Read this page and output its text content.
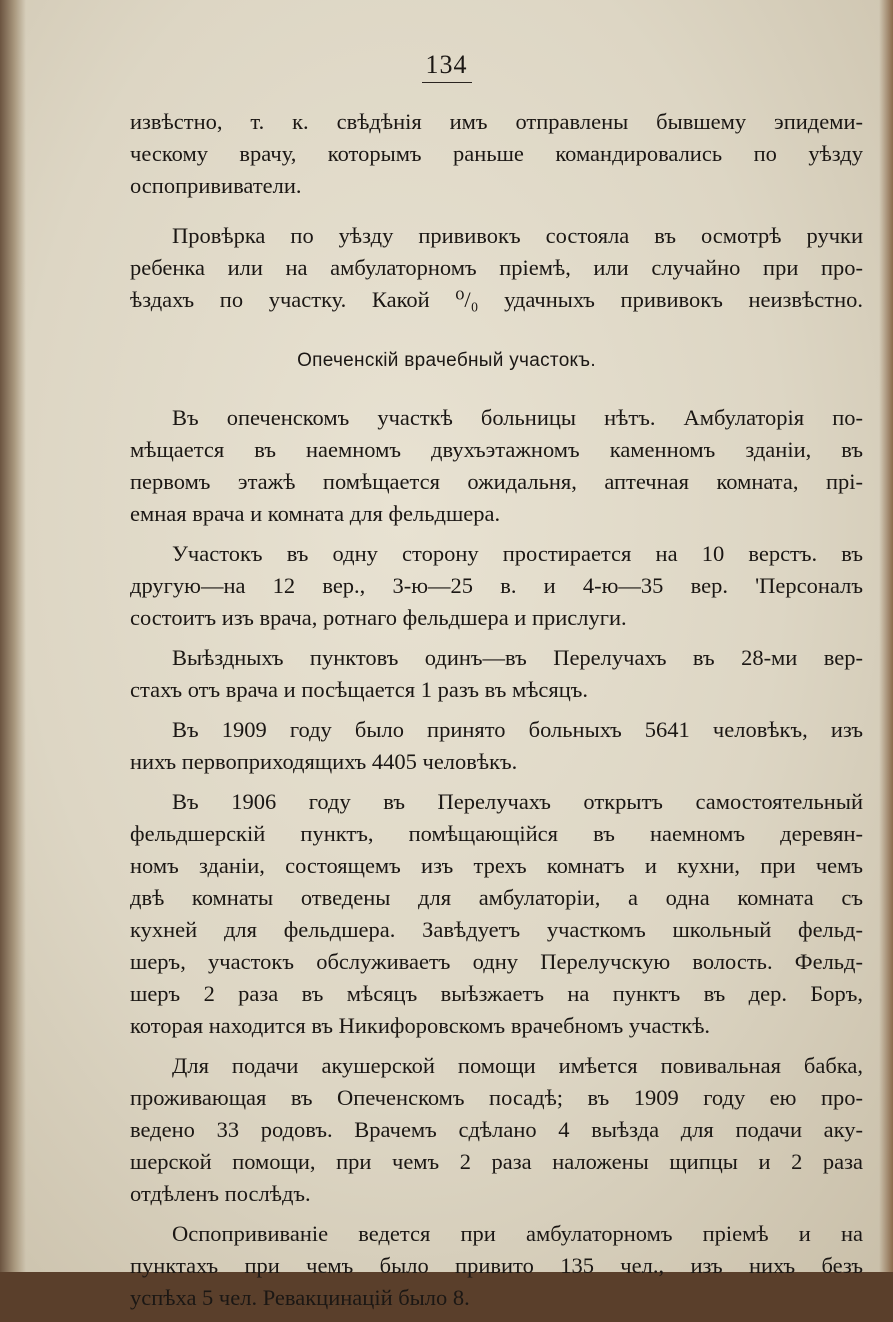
134
извѣстно, т. к. свѣдѣнія имъ отправлены бывшему эпидеми-
ческому врачу, которымъ раньше командировались по уѣзду
оспопрививатели.
Провѣрка по уѣзду прививокъ состояла въ осмотрѣ ручки
ребенка или на амбулаторномъ пріемѣ, или случайно при про-
ѣздахъ по участку. Какой ⁰/₀ удачныхъ прививокъ неизвѣстно.
Опеченскій врачебный участокъ.
Въ опеченскомъ участкѣ больницы нѣтъ. Амбулаторія по-
мѣщается въ наемномъ двухъэтажномъ каменномъ зданіи, въ
первомъ этажѣ помѣщается ожидальня, аптечная комната, прі-
емная врача и комната для фельдшера.
Участокъ въ одну сторону простирается на 10 верстъ. въ
другую—на 12 вер., 3-ю—25 в. и 4-ю—35 вер. 'Персоналъ
состоитъ изъ врача, ротнаго фельдшера и прислуги.
Выѣздныхъ пунктовъ одинъ—въ Перелучахъ въ 28-ми вер-
стахъ отъ врача и посѣщается 1 разъ въ мѣсяцъ.
Въ 1909 году было принято больныхъ 5641 человѣкъ, изъ
нихъ первоприходящихъ 4405 человѣкъ.
Въ 1906 году въ Перелучахъ открытъ самостоятельный
фельдшерскій пунктъ, помѣщающійся въ наемномъ деревян-
номъ зданіи, состоящемъ изъ трехъ комнатъ и кухни, при чемъ
двѣ комнаты отведены для амбулаторіи, а одна комната съ
кухней для фельдшера. Завѣдуетъ участкомъ школьный фельд-
шеръ, участокъ обслуживаетъ одну Перелучскую волость. Фельд-
шеръ 2 раза въ мѣсяцъ выѣзжаетъ на пунктъ въ дер. Боръ,
которая находится въ Никифоровскомъ врачебномъ участкѣ.
Для подачи акушерской помощи имѣется повивальная бабка,
проживающая въ Опеченскомъ посадѣ; въ 1909 году ею про-
ведено 33 родовъ. Врачемъ сдѣлано 4 выѣзда для подачи аку-
шерской помощи, при чемъ 2 раза наложены щипцы и 2 раза
отдѣленъ послѣдъ.
Оспопрививаніе ведется при амбулаторномъ пріемѣ и на
пунктахъ при чемъ было привито 135 чел., изъ нихъ безъ
успѣха 5 чел. Ревакцинацій было 8.
